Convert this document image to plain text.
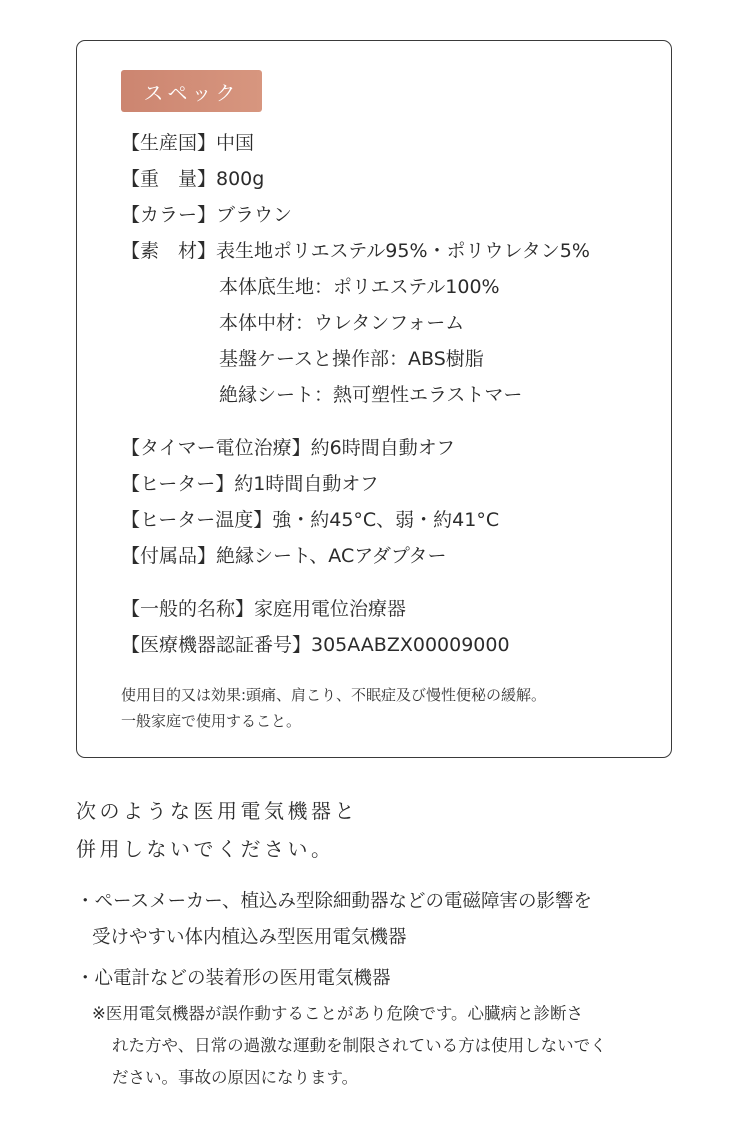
スペック
【生産国】中国
【重　量】800g
【カラー】ブラウン
【素　材】表生地ポリエステル95%・ポリウレタン5%
本体底生地：ポリエステル100%
本体中材：ウレタンフォーム
基盤ケースと操作部：ABS樹脂
絶縁シート：熱可塑性エラストマー
【タイマー電位治療】約6時間自動オフ
【ヒーター】約1時間自動オフ
【ヒーター温度】強・約45°C、弱・約41°C
【付属品】絶縁シート、ACアダプター
【一般的名称】家庭用電位治療器
【医療機器認証番号】305AABZX00009000
使用目的又は効果:頭痛、肩こり、不眠症及び慢性便秘の緩解。
一般家庭で使用すること。
次のような医用電気機器と
併用しないでください。
・ペースメーカー、植込み型除細動器などの電磁障害の影響を
受けやすい体内植込み型医用電気機器
・心電計などの装着形の医用電気機器
※医用電気機器が誤作動することがあり危険です。心臓病と診断さ
れた方や、日常の過激な運動を制限されている方は使用しないでく
ださい。事故の原因になります。
